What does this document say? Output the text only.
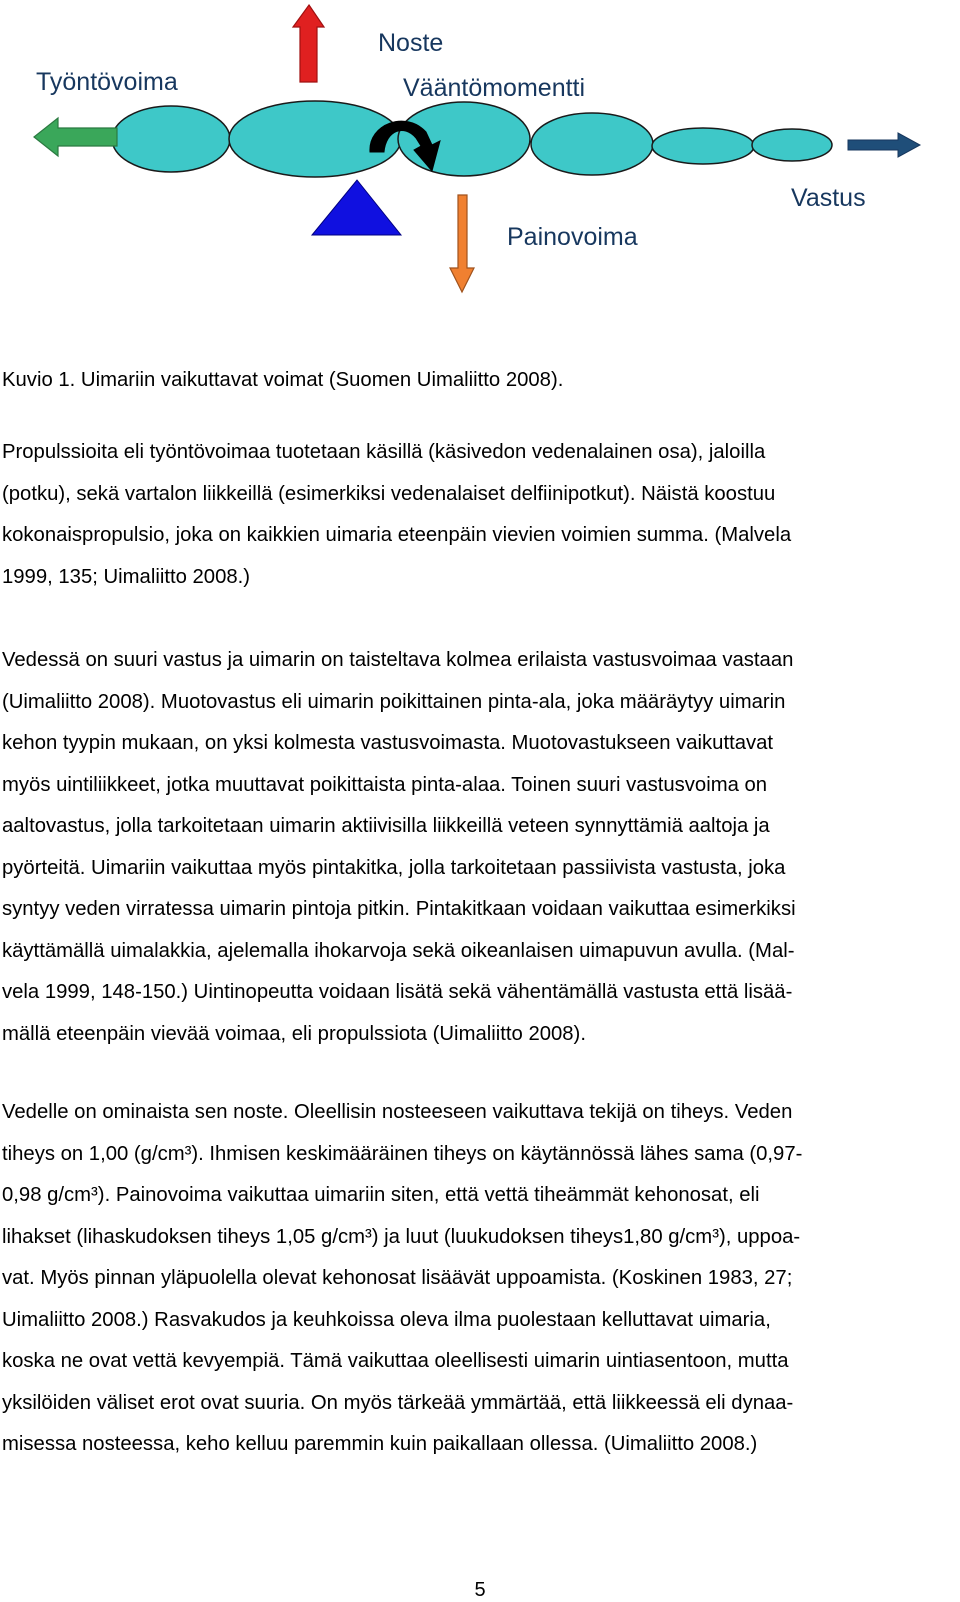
Työntövoima
Noste
Vääntömomentti
Vastus
Painovoima
Kuvio 1. Uimariin vaikuttavat voimat (Suomen Uimaliitto 2008).
Propulssioita eli työntövoimaa tuotetaan käsillä (käsivedon vedenalainen osa), jaloilla
(potku), sekä vartalon liikkeillä (esimerkiksi vedenalaiset delfiinipotkut). Näistä koostuu
kokonaispropulsio, joka on kaikkien uimaria eteenpäin vievien voimien summa. (Malvela
1999, 135; Uimaliitto 2008.)
Vedessä on suuri vastus ja uimarin on taisteltava kolmea erilaista vastusvoimaa vastaan
(Uimaliitto 2008). Muotovastus eli uimarin poikittainen pinta-ala, joka määräytyy uimarin
kehon tyypin mukaan, on yksi kolmesta vastusvoimasta. Muotovastukseen vaikuttavat
myös uintiliikkeet, jotka muuttavat poikittaista pinta-alaa. Toinen suuri vastusvoima on
aaltovastus, jolla tarkoitetaan uimarin aktiivisilla liikkeillä veteen synnyttämiä aaltoja ja
pyörteitä. Uimariin vaikuttaa myös pintakitka, jolla tarkoitetaan passiivista vastusta, joka
syntyy veden virratessa uimarin pintoja pitkin. Pintakitkaan voidaan vaikuttaa esimerkiksi
käyttämällä uimalakkia, ajelemalla ihokarvoja sekä oikeanlaisen uimapuvun avulla. (Mal-
vela 1999, 148-150.) Uintinopeutta voidaan lisätä sekä vähentämällä vastusta että lisää-
mällä eteenpäin vievää voimaa, eli propulssiota (Uimaliitto 2008).
Vedelle on ominaista sen noste. Oleellisin nosteeseen vaikuttava tekijä on tiheys. Veden
tiheys on 1,00 (g/cm³). Ihmisen keskimääräinen tiheys on käytännössä lähes sama (0,97-
0,98 g/cm³). Painovoima vaikuttaa uimariin siten, että vettä tiheämmät kehonosat, eli
lihakset (lihaskudoksen tiheys 1,05 g/cm³) ja luut (luukudoksen tiheys1,80 g/cm³), uppoa-
vat. Myös pinnan yläpuolella olevat kehonosat lisäävät uppoamista. (Koskinen 1983, 27;
Uimaliitto 2008.) Rasvakudos ja keuhkoissa oleva ilma puolestaan kelluttavat uimaria,
koska ne ovat vettä kevyempiä. Tämä vaikuttaa oleellisesti uimarin uintiasentoon, mutta
yksilöiden väliset erot ovat suuria. On myös tärkeää ymmärtää, että liikkeessä eli dynaa-
misessa nosteessa, keho kelluu paremmin kuin paikallaan ollessa. (Uimaliitto 2008.)
5
